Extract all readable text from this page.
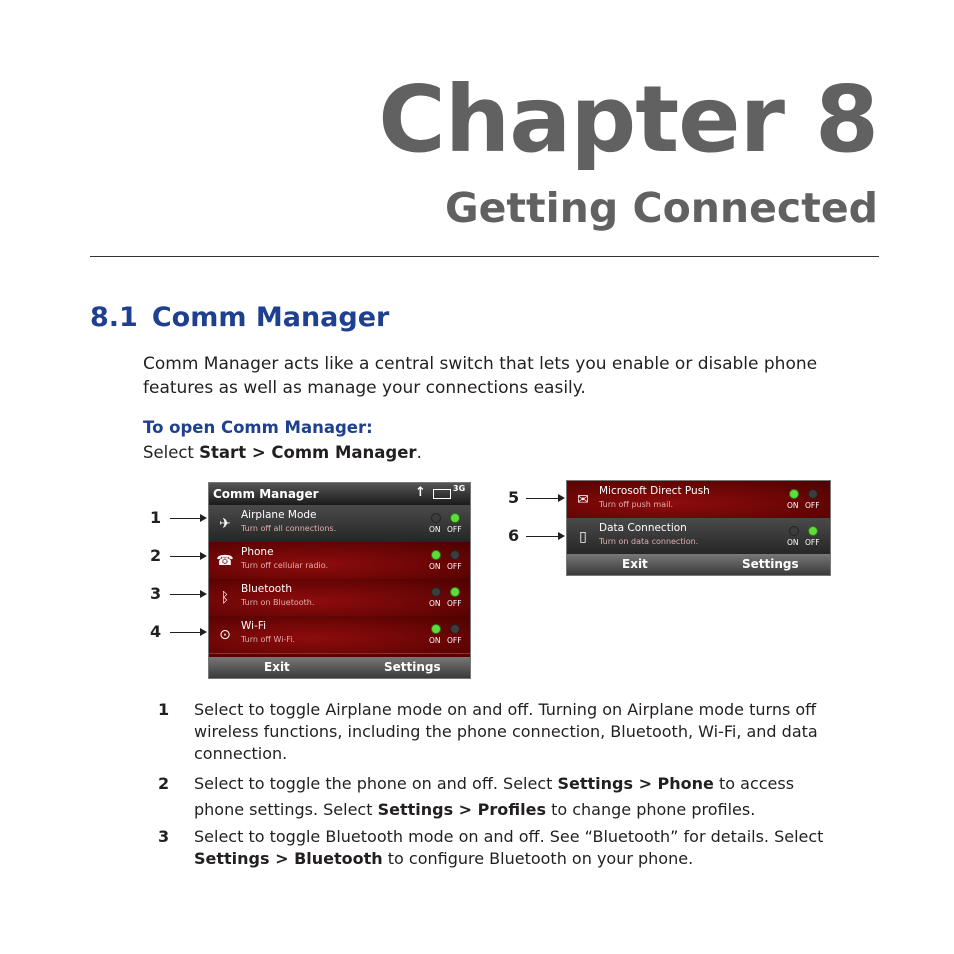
Chapter 8
Getting Connected
8.1 Comm Manager
Comm Manager acts like a central switch that lets you enable or disable phone features as well as manage your connections easily.
To open Comm Manager:
Select Start > Comm Manager.
Comm Manager	↑	3G
✈
Airplane Mode
Turn off all connections.	ON OFF
☎
Phone
Turn off cellular radio.	ON OFF
ᛒ
Bluetooth
Turn on Bluetooth.	ON OFF
⊙
Wi-Fi
Turn off Wi-Fi.	ON OFF
Exit	Settings
✉
Microsoft Direct Push
Turn off push mail.	ON OFF
▯
Data Connection
Turn on data connection.	ON OFF
Exit	Settings
1
2
3
4
5
6
1 Select to toggle Airplane mode on and off. Turning on Airplane mode turns off wireless functions, including the phone connection, Bluetooth, Wi-Fi, and data connection.
2 Select to toggle the phone on and off. Select Settings > Phone to access phone settings. Select Settings > Profiles to change phone profiles.
3 Select to toggle Bluetooth mode on and off. See “Bluetooth” for details. Select Settings > Bluetooth to configure Bluetooth on your phone.
